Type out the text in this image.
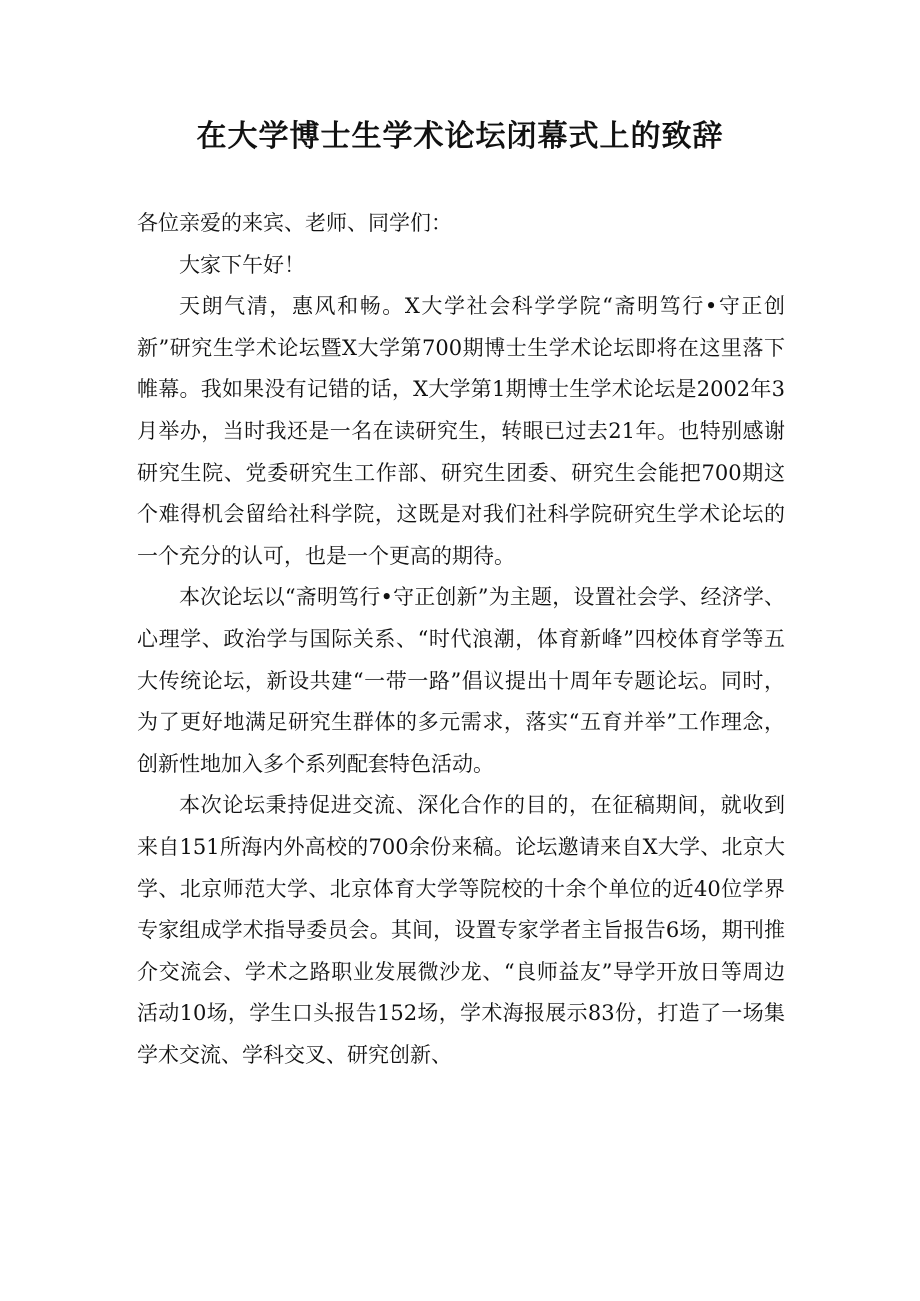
在大学博士生学术论坛闭幕式上的致辞

各位亲爱的来宾、老师、同学们：

大家下午好！

天朗气清，惠风和畅。X大学社会科学学院“斋明笃行•守正创新”研究生学术论坛暨X大学第700期博士生学术论坛即将在这里落下帷幕。我如果没有记错的话，X大学第1期博士生学术论坛是2002年3月举办，当时我还是一名在读研究生，转眼已过去21年。也特别感谢研究生院、党委研究生工作部、研究生团委、研究生会能把700期这个难得机会留给社科学院，这既是对我们社科学院研究生学术论坛的一个充分的认可，也是一个更高的期待。

本次论坛以“斋明笃行•守正创新”为主题，设置社会学、经济学、心理学、政治学与国际关系、“时代浪潮，体育新峰”四校体育学等五大传统论坛，新设共建“一带一路”倡议提出十周年专题论坛。同时，为了更好地满足研究生群体的多元需求，落实“五育并举”工作理念，创新性地加入多个系列配套特色活动。

本次论坛秉持促进交流、深化合作的目的，在征稿期间，就收到来自151所海内外高校的700余份来稿。论坛邀请来自X大学、北京大学、北京师范大学、北京体育大学等院校的十余个单位的近40位学界专家组成学术指导委员会。其间，设置专家学者主旨报告6场，期刊推介交流会、学术之路职业发展微沙龙、“良师益友”导学开放日等周边活动10场，学生口头报告152场，学术海报展示83份，打造了一场集学术交流、学科交叉、研究创新、
